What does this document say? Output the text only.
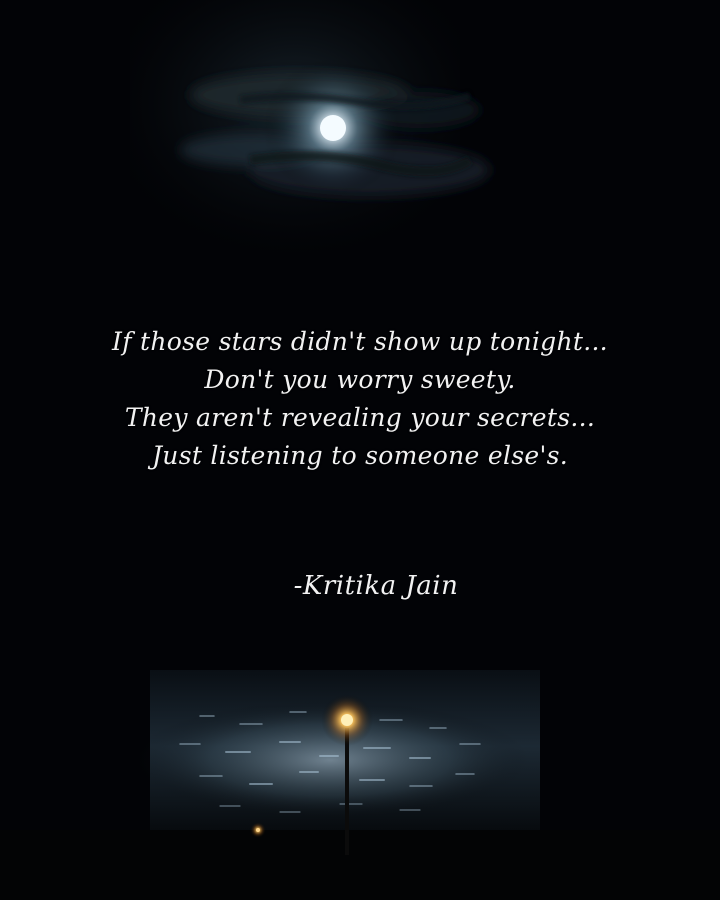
If those stars didn't show up tonight...
Don't you worry sweety.
They aren't revealing your secrets...
Just listening to someone else's.
-Kritika Jain
